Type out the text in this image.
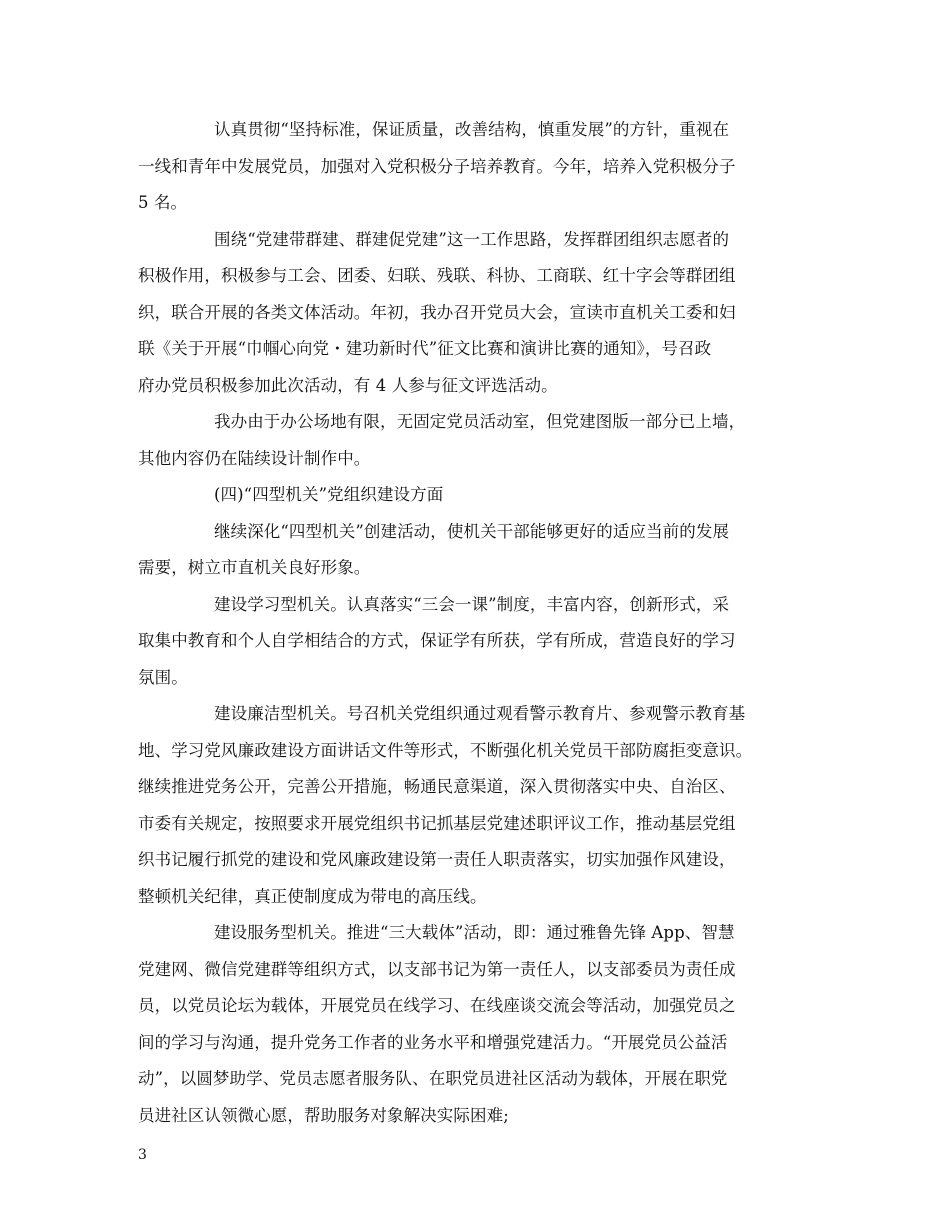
认真贯彻“坚持标准，保证质量，改善结构，慎重发展”的方针，重视在
一线和青年中发展党员，加强对入党积极分子培养教育。今年，培养入党积极分子
5 名。
围绕“党建带群建、群建促党建”这一工作思路，发挥群团组织志愿者的
积极作用，积极参与工会、团委、妇联、残联、科协、工商联、红十字会等群团组
织，联合开展的各类文体活动。年初，我办召开党员大会，宣读市直机关工委和妇
联《关于开展“巾帼心向党・建功新时代”征文比赛和演讲比赛的通知》，号召政
府办党员积极参加此次活动，有 4 人参与征文评选活动。
我办由于办公场地有限，无固定党员活动室，但党建图版一部分已上墙，
其他内容仍在陆续设计制作中。
(四)“四型机关”党组织建设方面
继续深化“四型机关”创建活动，使机关干部能够更好的适应当前的发展
需要，树立市直机关良好形象。
建设学习型机关。认真落实“三会一课”制度，丰富内容，创新形式，采
取集中教育和个人自学相结合的方式，保证学有所获，学有所成，营造良好的学习
氛围。
建设廉洁型机关。号召机关党组织通过观看警示教育片、参观警示教育基
地、学习党风廉政建设方面讲话文件等形式，不断强化机关党员干部防腐拒变意识。
继续推进党务公开，完善公开措施，畅通民意渠道，深入贯彻落实中央、自治区、
市委有关规定，按照要求开展党组织书记抓基层党建述职评议工作，推动基层党组
织书记履行抓党的建设和党风廉政建设第一责任人职责落实，切实加强作风建设，
整顿机关纪律，真正使制度成为带电的高压线。
建设服务型机关。推进“三大载体”活动，即：通过雅鲁先锋 App、智慧
党建网、微信党建群等组织方式，以支部书记为第一责任人，以支部委员为责任成
员，以党员论坛为载体，开展党员在线学习、在线座谈交流会等活动，加强党员之
间的学习与沟通，提升党务工作者的业务水平和增强党建活力。“开展党员公益活
动”，以圆梦助学、党员志愿者服务队、在职党员进社区活动为载体，开展在职党
员进社区认领微心愿，帮助服务对象解决实际困难;
3
